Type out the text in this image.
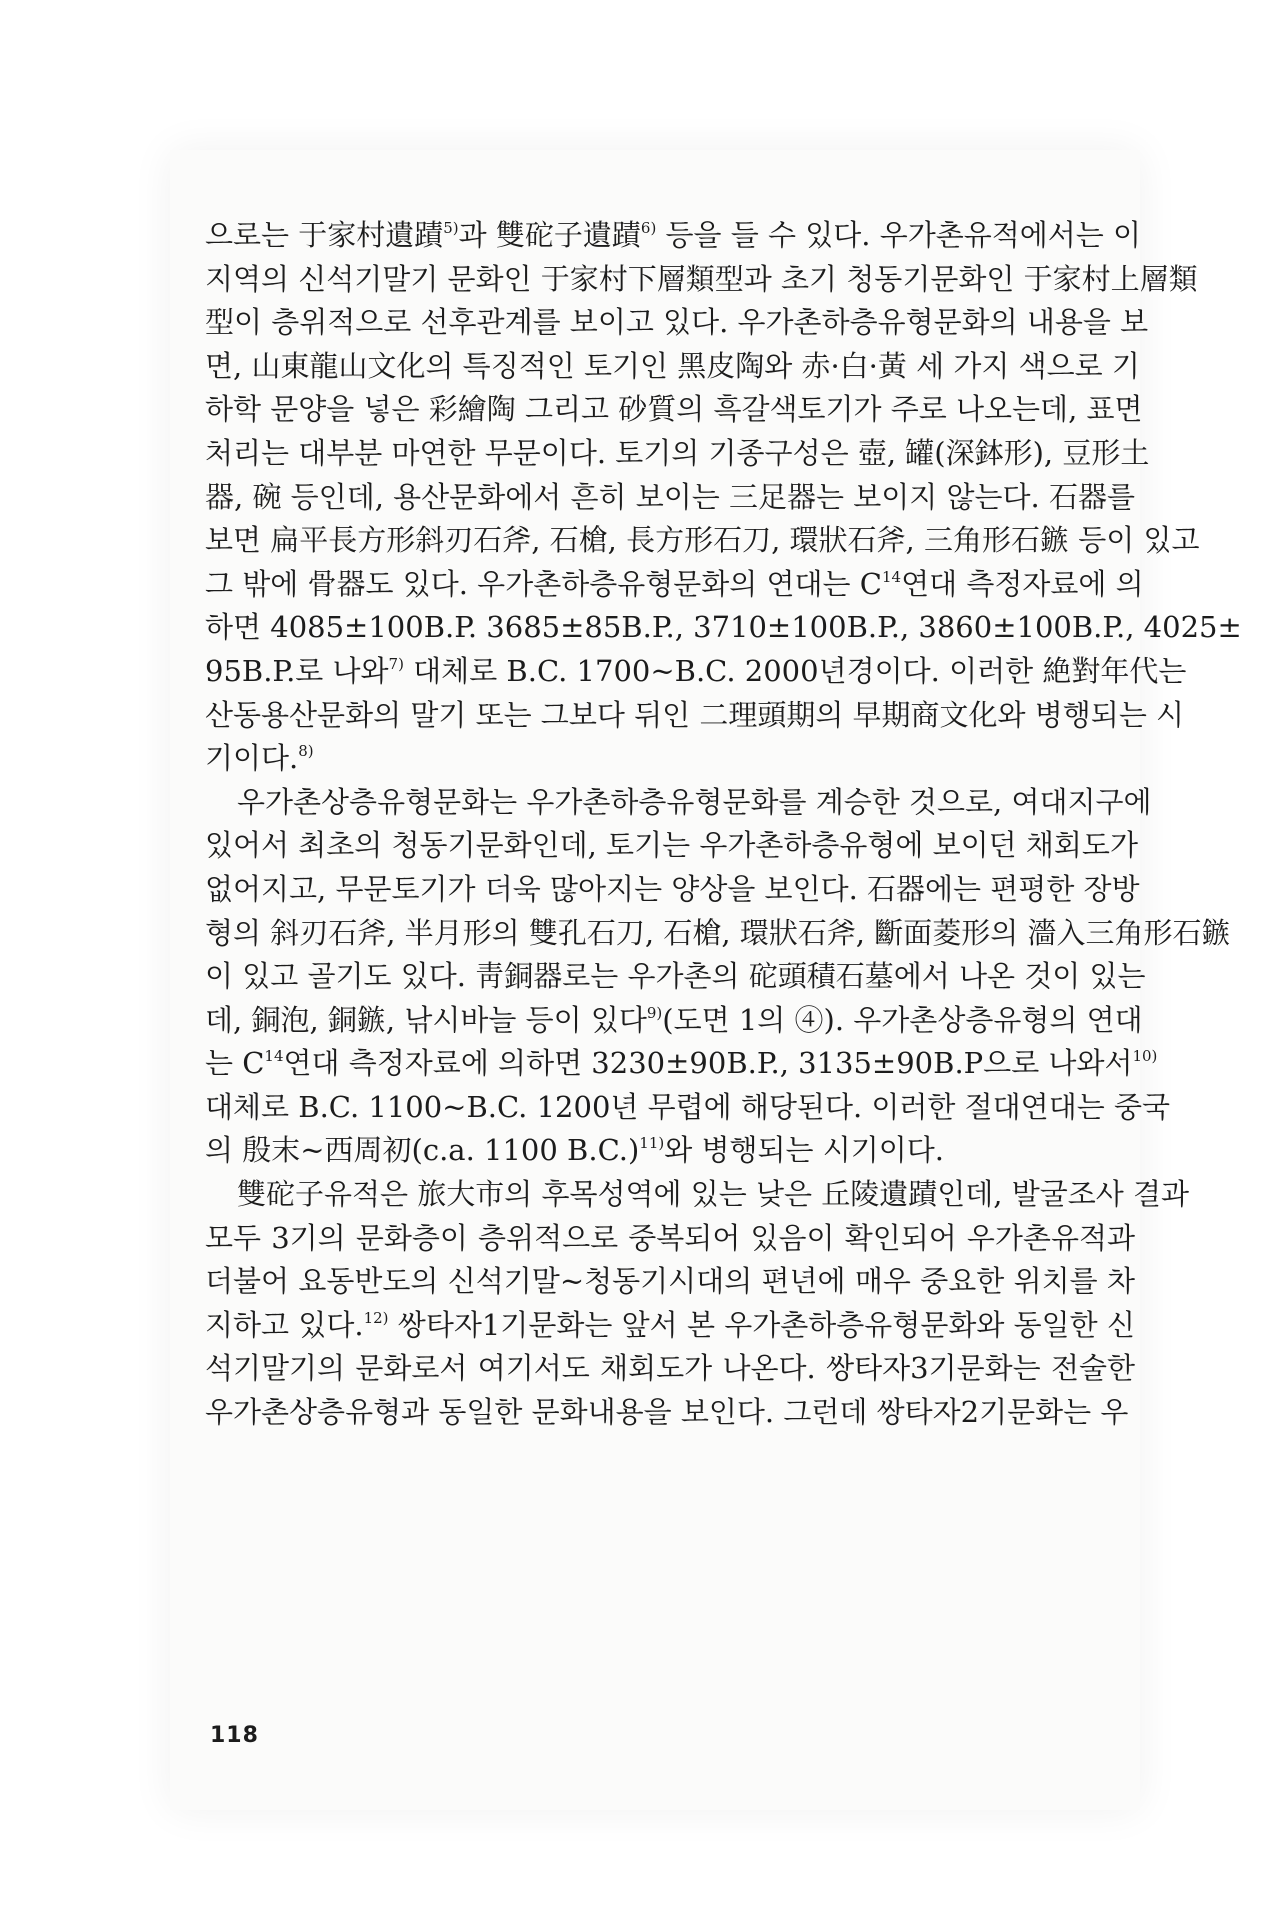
으로는 于家村遺蹟$^{5)}$과 雙砣子遺蹟$^{6)}$ 등을 들 수 있다. 우가촌유적에서는 이
지역의 신석기말기 문화인 于家村下層類型과 초기 청동기문화인 于家村上層類
型이 층위적으로 선후관계를 보이고 있다. 우가촌하층유형문화의 내용을 보
면, 山東龍山文化의 특징적인 토기인 黑皮陶와 赤·白·黃 세 가지 색으로 기
하학 문양을 넣은 彩繪陶 그리고 砂質의 흑갈색토기가 주로 나오는데, 표면
처리는 대부분 마연한 무문이다. 토기의 기종구성은 壺, 罐(深鉢形), 豆形土
器, 碗 등인데, 용산문화에서 흔히 보이는 三足器는 보이지 않는다. 石器를
보면 扁平長方形斜刃石斧, 石槍, 長方形石刀, 環狀石斧, 三角形石鏃 등이 있고
그 밖에 骨器도 있다. 우가촌하층유형문화의 연대는 $C^{14}$연대 측정자료에 의
하면 4085±100B.P. 3685±85B.P., 3710±100B.P., 3860±100B.P., 4025±
95B.P.로 나와$^{7)}$ 대체로 B.C. 1700~B.C. 2000년경이다. 이러한 絶對年代는
산동용산문화의 말기 또는 그보다 뒤인 二理頭期의 早期商文化와 병행되는 시
기이다.$^{8)}$
우가촌상층유형문화는 우가촌하층유형문화를 계승한 것으로, 여대지구에
있어서 최초의 청동기문화인데, 토기는 우가촌하층유형에 보이던 채회도가
없어지고, 무문토기가 더욱 많아지는 양상을 보인다. 石器에는 편평한 장방
형의 斜刃石斧, 半月形의 雙孔石刀, 石槍, 環狀石斧, 斷面菱形의 濇入三角形石鏃
이 있고 골기도 있다. 靑銅器로는 우가촌의 砣頭積石墓에서 나온 것이 있는
데, 銅泡, 銅鏃, 낚시바늘 등이 있다$^{9)}$(도면 1의 ④). 우가촌상층유형의 연대
는 $C^{14}$연대 측정자료에 의하면 3230±90B.P., 3135±90B.P으로 나와서$^{10)}$
대체로 B.C. 1100~B.C. 1200년 무렵에 해당된다. 이러한 절대연대는 중국
의 殷末~西周初(c.a. 1100 B.C.)$^{11)}$와 병행되는 시기이다.
雙砣子유적은 旅大市의 후목성역에 있는 낮은 丘陵遺蹟인데, 발굴조사 결과
모두 3기의 문화층이 층위적으로 중복되어 있음이 확인되어 우가촌유적과
더불어 요동반도의 신석기말~청동기시대의 편년에 매우 중요한 위치를 차
지하고 있다.$^{12)}$ 쌍타자1기문화는 앞서 본 우가촌하층유형문화와 동일한 신
석기말기의 문화로서 여기서도 채회도가 나온다. 쌍타자3기문화는 전술한
우가촌상층유형과 동일한 문화내용을 보인다. 그런데 쌍타자2기문화는 우
118
